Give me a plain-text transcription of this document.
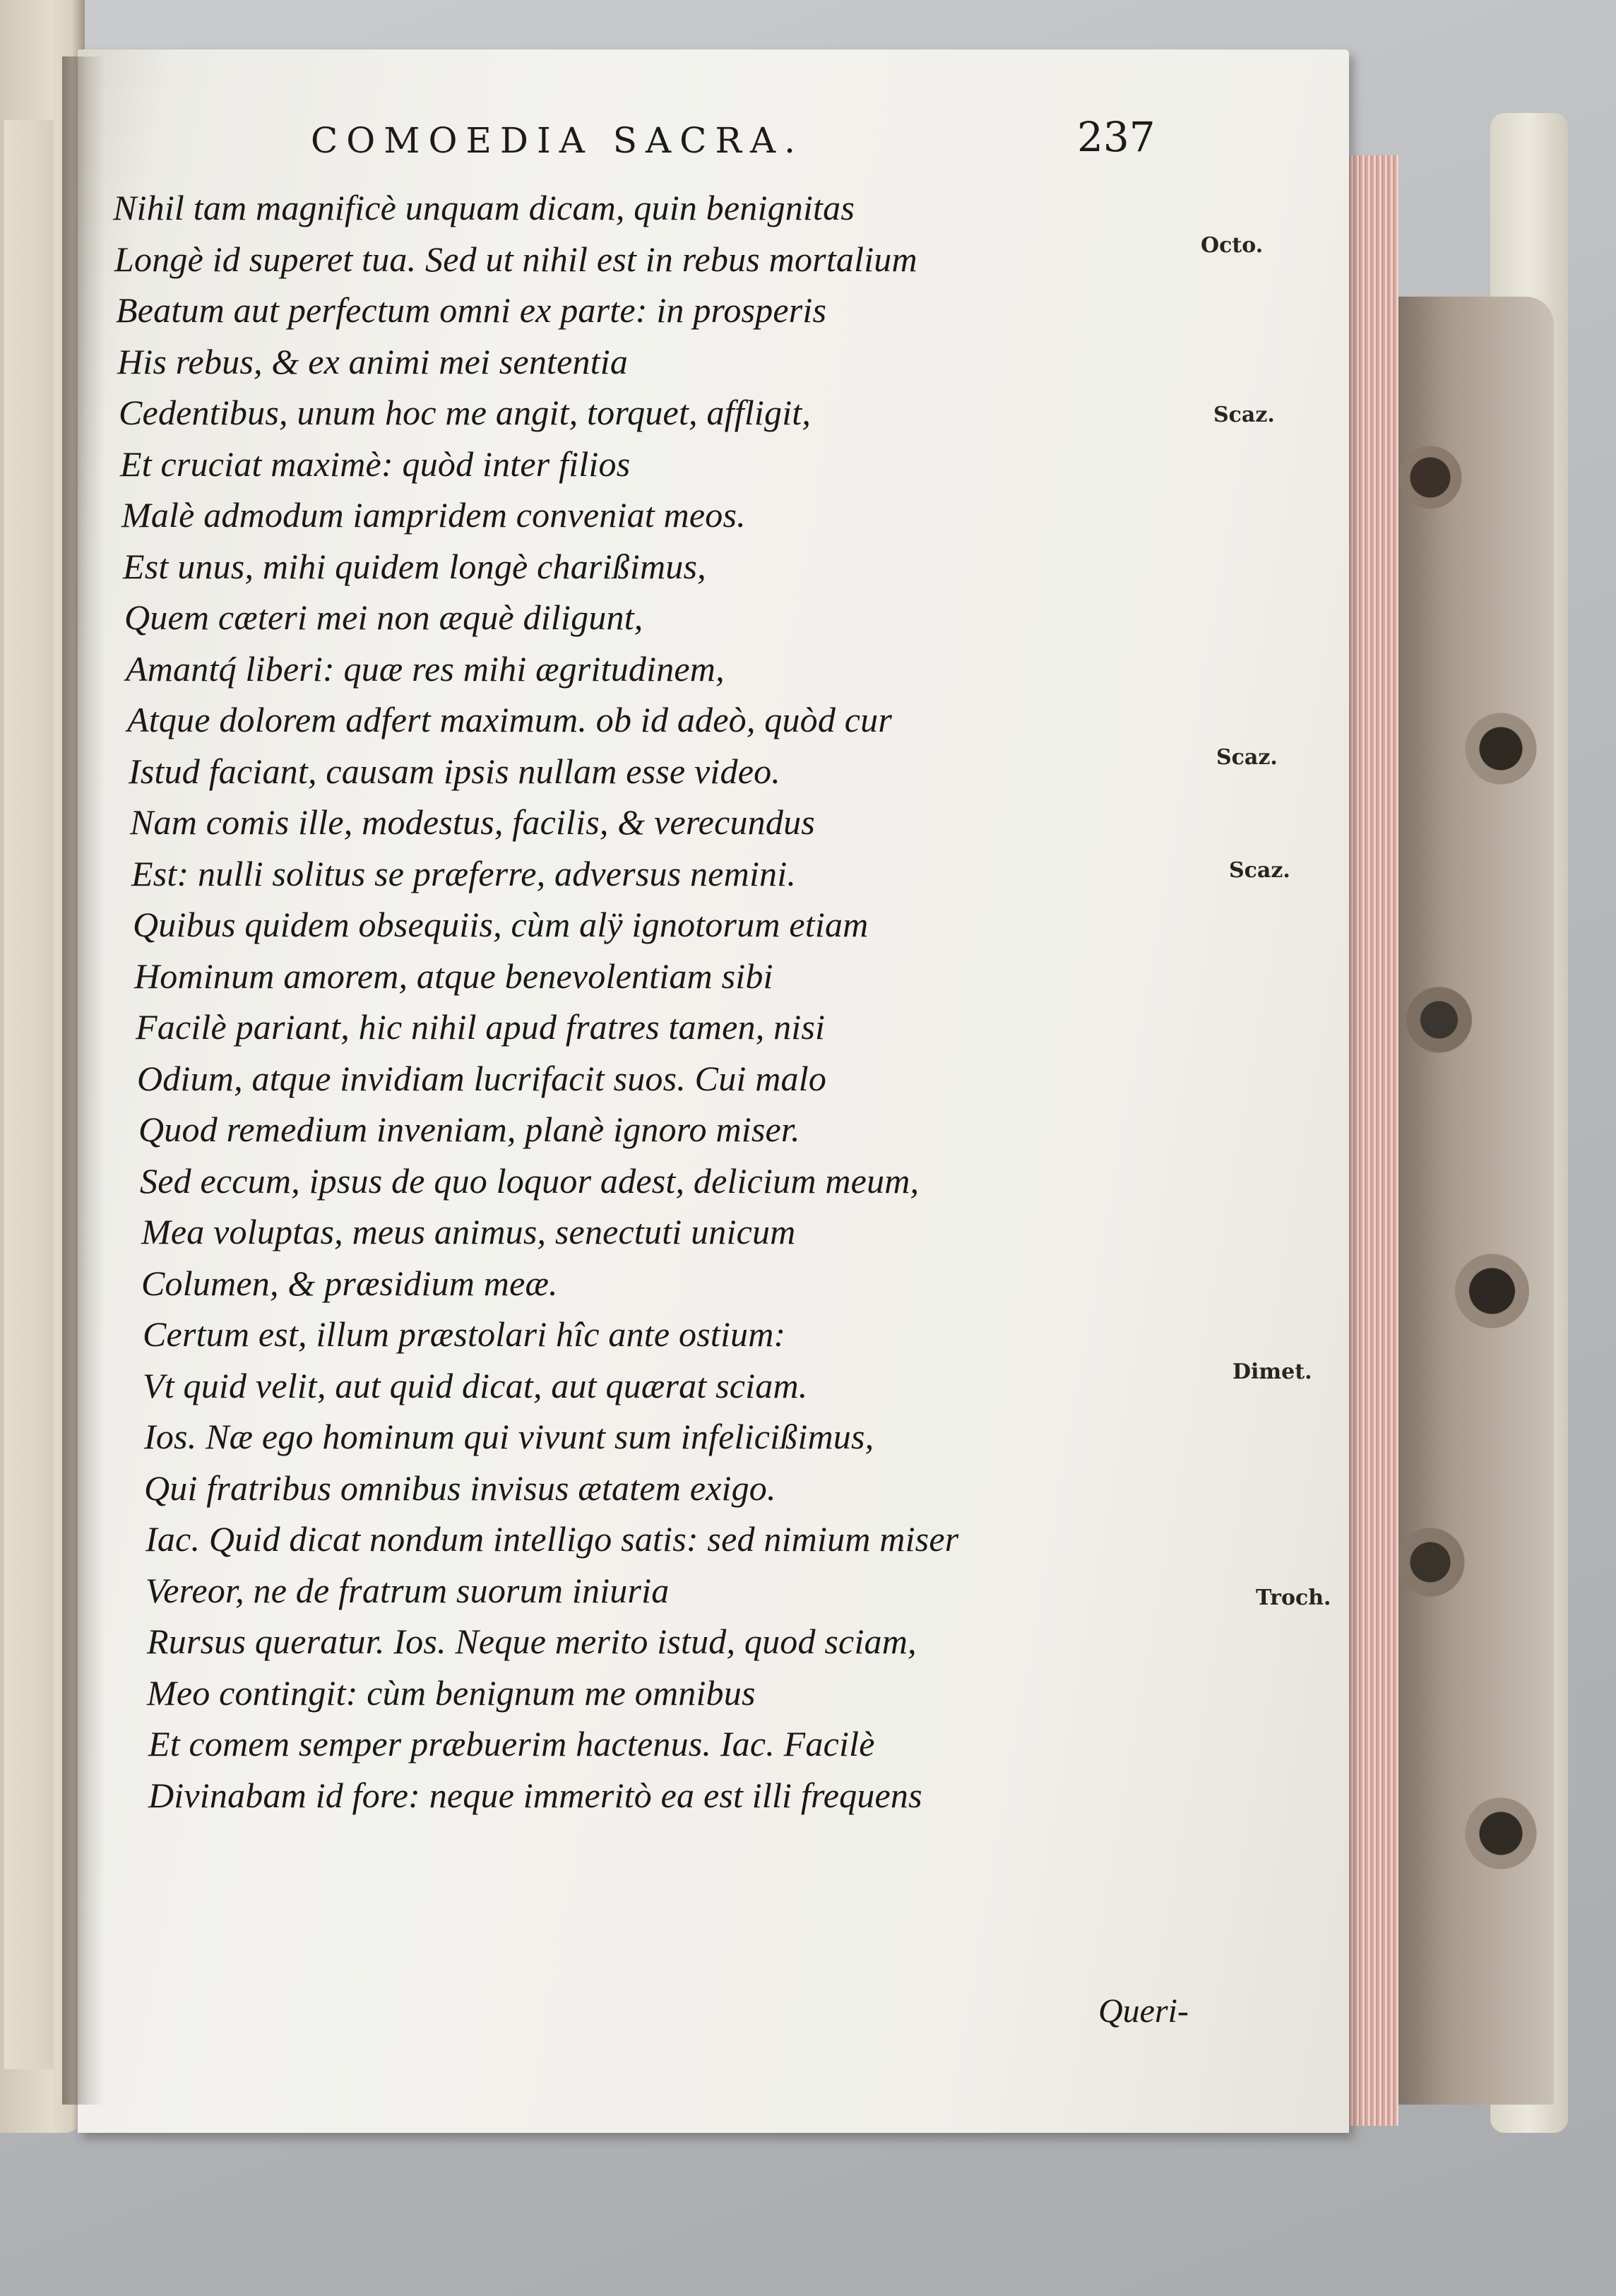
COMOEDIA SACRA.	237
Nihil tam magnificè unquam dicam, quin benignitas
Longè id superet tua. Sed ut nihil est in rebus mortalium
Beatum aut perfectum omni ex parte: in prosperis
His rebus, & ex animi mei sententia
Cedentibus, unum hoc me angit, torquet, affligit,
Et cruciat maximè: quòd inter filios
Malè admodum iampridem conveniat meos.
Est unus, mihi quidem longè charißimus,
Quem cæteri mei non æquè diligunt,
Amantq́ liberi: quæ res mihi ægritudinem,
Atque dolorem adfert maximum. ob id adeò, quòd cur
Istud faciant, causam ipsis nullam esse video.
Nam comis ille, modestus, facilis, & verecundus
Est: nulli solitus se præferre, adversus nemini.
Quibus quidem obsequiis, cùm alÿ ignotorum etiam
Hominum amorem, atque benevolentiam sibi
Facilè pariant, hic nihil apud fratres tamen, nisi
Odium, atque invidiam lucrifacit suos. Cui malo
Quod remedium inveniam, planè ignoro miser.
Sed eccum, ipsus de quo loquor adest, delicium meum,
Mea voluptas, meus animus, senectuti unicum
Columen, & præsidium meæ.
Certum est, illum præstolari hîc ante ostium:
Vt quid velit, aut quid dicat, aut quærat sciam.
Ios. Næ ego hominum qui vivunt sum infelicißimus,
Qui fratribus omnibus invisus ætatem exigo.
Iac. Quid dicat nondum intelligo satis: sed nimium miser
Vereor, ne de fratrum suorum iniuria
Rursus queratur. Ios. Neque merito istud, quod sciam,
Meo contingit: cùm benignum me omnibus
Et comem semper præbuerim hactenus. Iac. Facilè
Divinabam id fore: neque immeritò ea est illi frequens
Octo.
Scaz.
Scaz.
Scaz.
Dimet.
Troch.
Queri-
